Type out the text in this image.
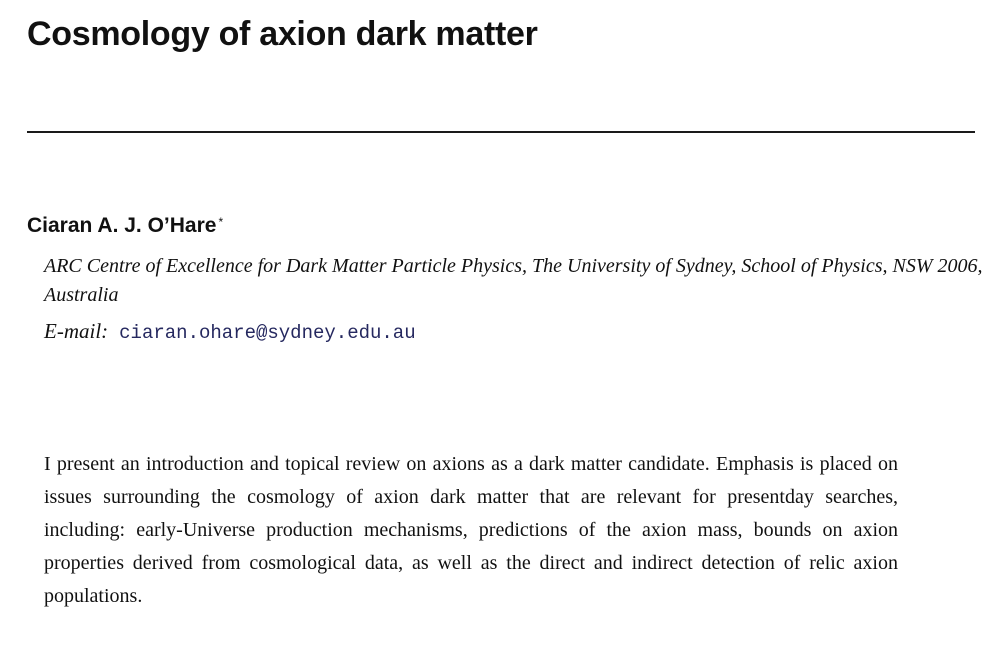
Cosmology of axion dark matter
Ciaran A. J. O’Hare *

ARC Centre of Excellence for Dark Matter Particle Physics, The University of Sydney, School of Physics, NSW 2006, Australia

E-mail: ciaran.ohare@sydney.edu.au

I present an introduction and topical review on axions as a dark matter candidate. Emphasis is placed on issues surrounding the cosmology of axion dark matter that are relevant for presentday searches, including: early-Universe production mechanisms, predictions of the axion mass, bounds on axion properties derived from cosmological data, as well as the direct and indirect detection of relic axion populations.
